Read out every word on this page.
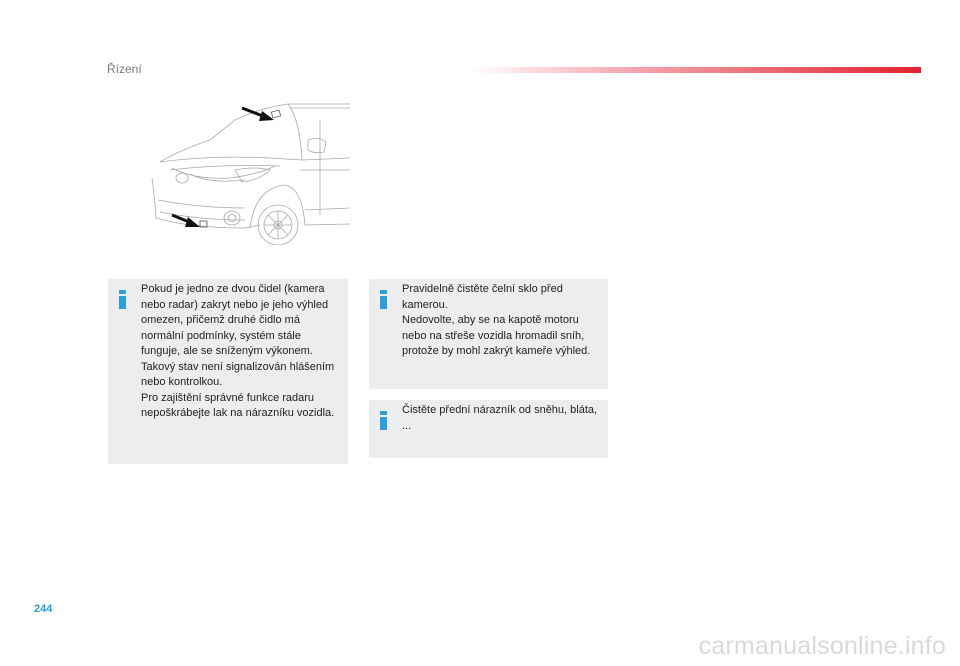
Řízení

Pokud je jedno ze dvou čidel (kamera nebo radar) zakryt nebo je jeho výhled omezen, přičemž druhé čidlo má normální podmínky, systém stále funguje, ale se sníženým výkonem. Takový stav není signalizován hlášením nebo kontrolkou.

Pro zajištění správné funkce radaru nepoškrábejte lak na nárazníku vozidla.

Pravidelně čistěte čelní sklo před kamerou.

Nedovolte, aby se na kapotě motoru nebo na střeše vozidla hromadil sníh, protože by mohl zakrýt kameře výhled.

Čistěte přední nárazník od sněhu, bláta, ...

244
carmanualsonline.info
